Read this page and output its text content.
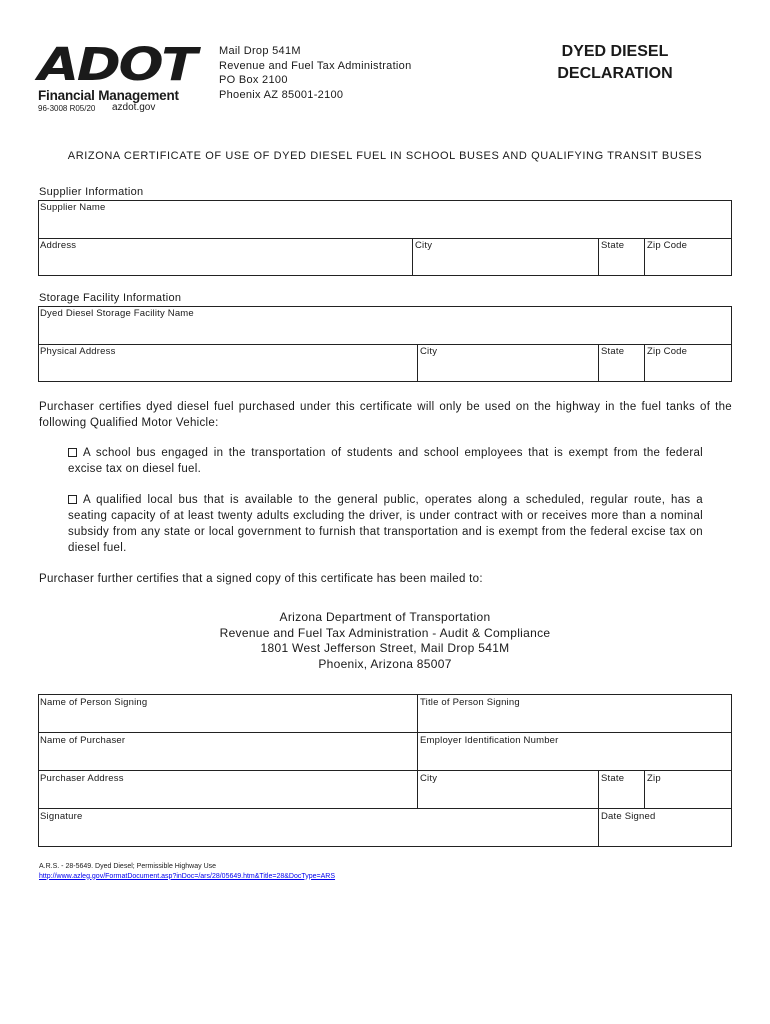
ADOT
Financial Management
96-3008 R05/20 azdot.gov
Mail Drop 541M
Revenue and Fuel Tax Administration
PO Box 2100
Phoenix AZ 85001-2100
DYED DIESEL
DECLARATION
ARIZONA CERTIFICATE OF USE OF DYED DIESEL FUEL IN SCHOOL BUSES AND QUALIFYING TRANSIT BUSES
Supplier Information
Supplier Name
Address	City	State Zip Code
Storage Facility Information
Dyed Diesel Storage Facility Name
Physical Address	City	State Zip Code
Purchaser certifies dyed diesel fuel purchased under this certificate will only be used on the highway in the fuel tanks of the following Qualified Motor Vehicle:
A school bus engaged in the transportation of students and school employees that is exempt from the federal excise tax on diesel fuel.
A qualified local bus that is available to the general public, operates along a scheduled, regular route, has a seating capacity of at least twenty adults excluding the driver, is under contract with or receives more than a nominal subsidy from any state or local government to furnish that transportation and is exempt from the federal excise tax on diesel fuel.
Purchaser further certifies that a signed copy of this certificate has been mailed to:
Arizona Department of Transportation
Revenue and Fuel Tax Administration - Audit & Compliance
1801 West Jefferson Street, Mail Drop 541M
Phoenix, Arizona 85007
Name of Person Signing	Title of Person Signing
Name of Purchaser	Employer Identification Number
Purchaser Address	City	State Zip
Signature	Date Signed
A.R.S. - 28-5649. Dyed Diesel; Permissible Highway Use
http://www.azleg.gov/FormatDocument.asp?inDoc=/ars/28/05649.htm&Title=28&DocType=ARS
